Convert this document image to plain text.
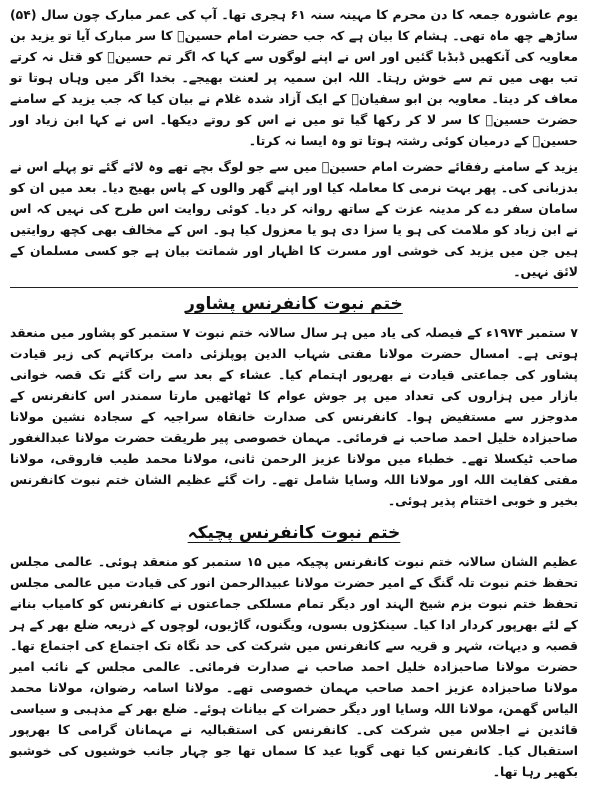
یوم عاشورہ جمعہ کا دن محرم کا مہینہ سنہ ۶۱ ہجری تھا۔ آپ کی عمر مبارک چون سال (۵۴) ساڑھے چھ ماہ تھی۔ ہشام کا بیان ہے کہ جب حضرت امام حسینؓ کا سر مبارک آیا تو یزید بن معاویہ کی آنکھیں ڈبڈبا گئیں اور اس نے اپنے لوگوں سے کہا کہ اگر تم حسینؓ کو قتل نہ کرتے تب بھی میں تم سے خوش رہتا۔ اللہ ابن سمیہ پر لعنت بھیجے۔ بخدا اگر میں وہاں ہوتا تو معاف کر دیتا۔ معاویہ بن ابو سفیانؓ کے ایک آزاد شدہ غلام نے بیان کیا کہ جب یزید کے سامنے حضرت حسینؓ کا سر لا کر رکھا گیا تو میں نے اس کو روتے دیکھا۔ اس نے کہا ابن زیاد اور حسینؓ کے درمیان کوئی رشتہ ہوتا تو وہ ایسا نہ کرتا۔

یزید کے سامنے رفقائے حضرت امام حسینؓ میں سے جو لوگ بچے تھے وہ لائے گئے تو پہلے اس نے بدزبانی کی۔ پھر بہت نرمی کا معاملہ کیا اور اپنے گھر والوں کے پاس بھیج دیا۔ بعد میں ان کو سامان سفر دے کر مدینہ عزت کے ساتھ روانہ کر دیا۔ کوئی روایت اس طرح کی نہیں کہ اس نے ابن زیاد کو ملامت کی ہو یا سزا دی ہو یا معزول کیا ہو۔ اس کے مخالف بھی کچھ روایتیں ہیں جن میں یزید کی خوشی اور مسرت کا اظہار اور شماتت بیان ہے جو کسی مسلمان کے لائق نہیں۔

ختم نبوت کانفرنس پشاور

۷ ستمبر ۱۹۷۴ء کے فیصلہ کی یاد میں ہر سال سالانہ ختم نبوت ۷ ستمبر کو پشاور میں منعقد ہوتی ہے۔ امسال حضرت مولانا مفتی شہاب الدین پوپلزئی دامت برکاتہم کی زیر قیادت پشاور کی جماعتی قیادت نے بھرپور اہتمام کیا۔ عشاء کے بعد سے رات گئے تک قصہ خوانی بازار میں ہزاروں کی تعداد میں پر جوش عوام کا ٹھاٹھیں مارتا سمندر اس کانفرنس کے مدوجزر سے مستفیض ہوا۔ کانفرنس کی صدارت خانقاہ سراجیہ کے سجادہ نشین مولانا صاحبزادہ خلیل احمد صاحب نے فرمائی۔ مہمان خصوصی پیر طریقت حضرت مولانا عبدالغفور صاحب ٹیکسلا تھے۔ خطباء میں مولانا عزیز الرحمن ثانی، مولانا محمد طیب فاروقی، مولانا مفتی کفایت اللہ اور مولانا اللہ وسایا شامل تھے۔ رات گئے عظیم الشان ختم نبوت کانفرنس بخیر و خوبی اختتام پذیر ہوئی۔

ختم نبوت کانفرنس پچیکہ

عظیم الشان سالانہ ختم نبوت کانفرنس پچیکہ میں ۱۵ ستمبر کو منعقد ہوئی۔ عالمی مجلس تحفظ ختم نبوت تلہ گنگ کے امیر حضرت مولانا عبیدالرحمن انور کی قیادت میں عالمی مجلس تحفظ ختم نبوت بزم شیخ الہند اور دیگر تمام مسلکی جماعتوں نے کانفرنس کو کامیاب بنانے کے لئے بھرپور کردار ادا کیا۔ سینکڑوں بسوں، ویگنوں، گاڑیوں، لوچوں کے ذریعہ ضلع بھر کے ہر قصبہ و دیہات، شہر و قریہ سے کانفرنس میں شرکت کی حد نگاہ تک اجتماع کی اجتماع تھا۔ حضرت مولانا صاحبزادہ خلیل احمد صاحب نے صدارت فرمائی۔ عالمی مجلس کے نائب امیر مولانا صاحبزادہ عزیز احمد صاحب مہمان خصوصی تھے۔ مولانا اسامہ رضوان، مولانا محمد الیاس گھمن، مولانا اللہ وسایا اور دیگر حضرات کے بیانات ہوئے۔ ضلع بھر کے مذہبی و سیاسی قائدین نے اجلاس میں شرکت کی۔ کانفرنس کی استقبالیہ نے مہمانان گرامی کا بھرپور استقبال کیا۔ کانفرنس کیا تھی گویا عید کا سماں تھا جو چہار جانب خوشیوں کی خوشبو بکھیر رہا تھا۔
